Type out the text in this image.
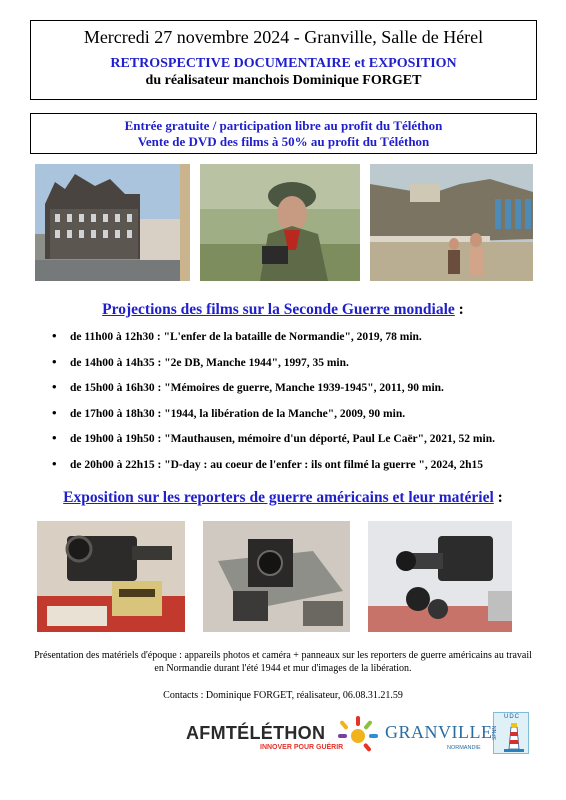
Mercredi 27 novembre 2024 - Granville, Salle de Hérel
RETROSPECTIVE DOCUMENTAIRE et EXPOSITION
du réalisateur manchois Dominique FORGET
Entrée gratuite / participation libre au profit du Téléthon
Vente de DVD des films à 50% au profit du Téléthon
Projections des films sur la Seconde Guerre mondiale :
• de 11h00 à 12h30 : "L'enfer de la bataille de Normandie", 2019, 78 min.
• de 14h00 à 14h35 : "2e DB, Manche 1944", 1997, 35 min.
• de 15h00 à 16h30 : "Mémoires de guerre, Manche 1939-1945", 2011, 90 min.
• de 17h00 à 18h30 : "1944, la libération de la Manche", 2009, 90 min.
• de 19h00 à 19h50 : "Mauthausen, mémoire d'un déporté, Paul Le Caër", 2021, 52 min.
• de 20h00 à 22h15 : "D-day : au coeur de l'enfer : ils ont filmé la guerre ", 2024, 2h15
Exposition sur les reporters de guerre américains et leur matériel :
Présentation des matériels d'époque : appareils photos et caméra + panneaux sur les reporters de guerre américains au travail en Normandie durant l'été 1944 et mur d'images de la libération.
Contacts : Dominique FORGET, réalisateur, 06.08.31.21.59
AFMTÉLÉTHON
INNOVER POUR GUÉRIR
GRANVILLE
NORMANDIE
UDC
SPNN
